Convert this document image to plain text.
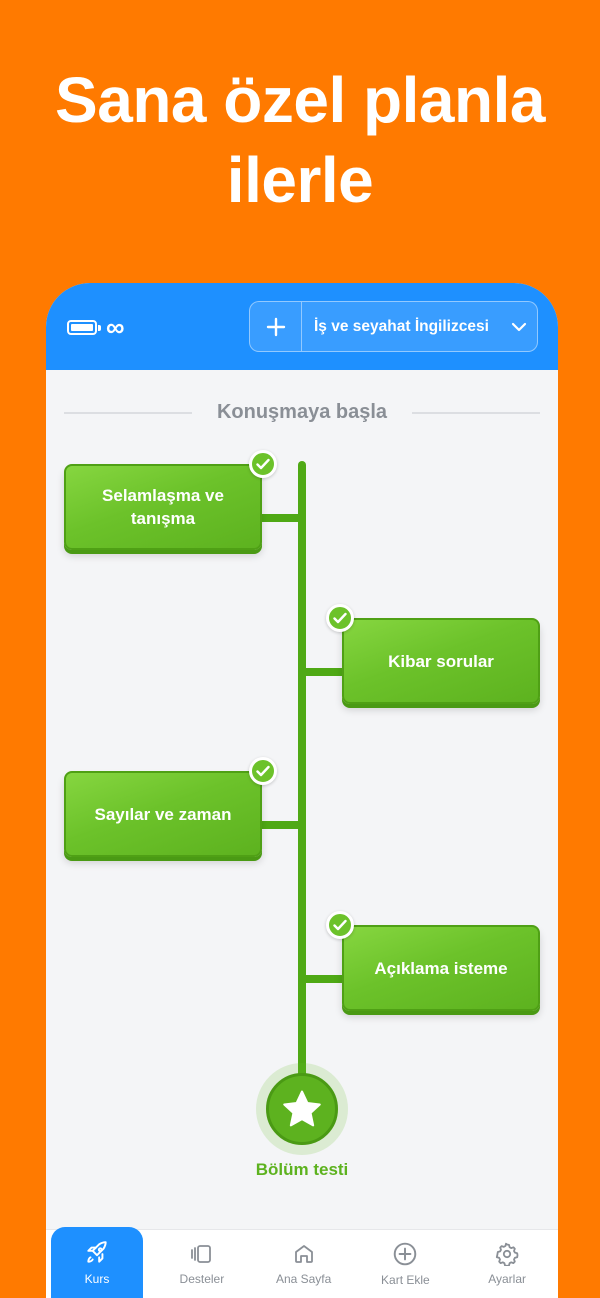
Sana özel planla
ilerle
∞	İş ve seyahat İngilizcesi
Konuşmaya başla
Selamlaşma ve
tanışma
Kibar sorular
Sayılar ve zaman
Açıklama isteme
Bölüm testi
Kurs	Desteler	Ana Sayfa	Kart Ekle	Ayarlar
